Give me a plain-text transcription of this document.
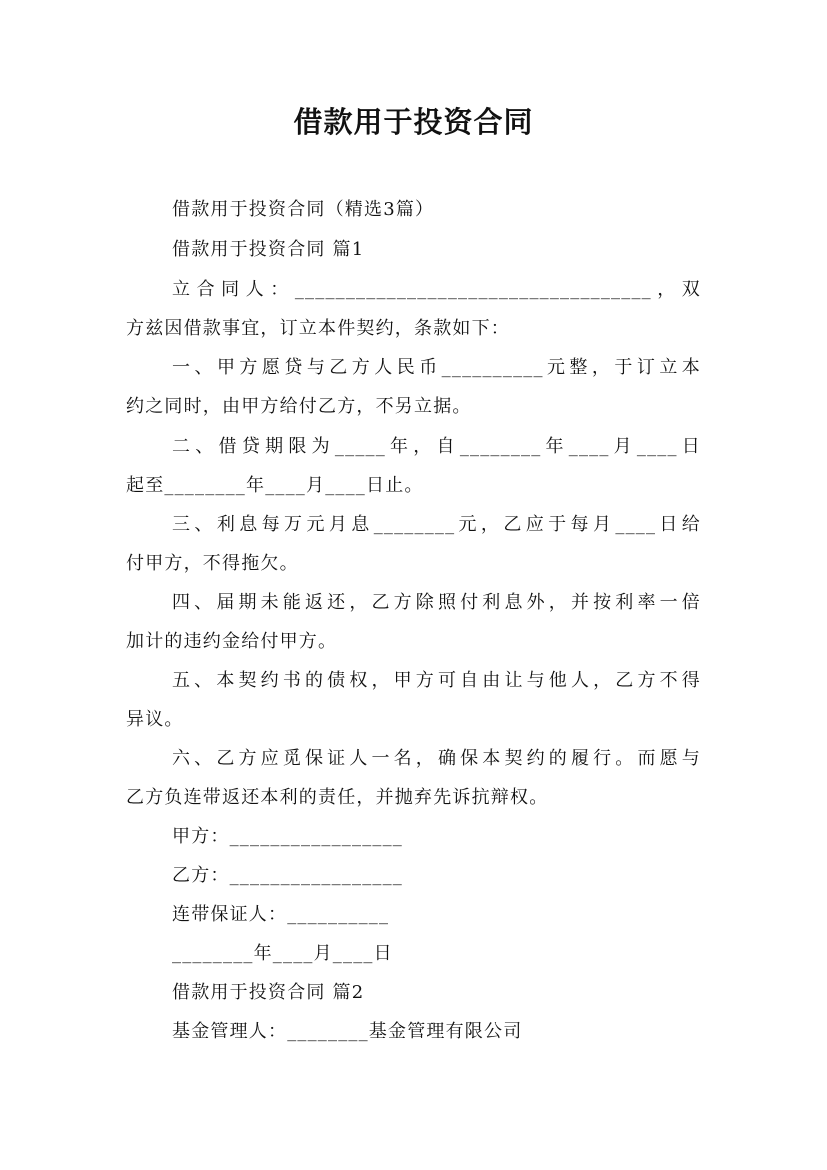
借款用于投资合同
借款用于投资合同（精选3篇）
借款用于投资合同 篇1
立合同人：___________________________________，双
方兹因借款事宜，订立本件契约，条款如下：
一、甲方愿贷与乙方人民币__________元整，于订立本
约之同时，由甲方给付乙方，不另立据。
二、借贷期限为_____年，自________年____月____日
起至________年____月____日止。
三、利息每万元月息________元，乙应于每月____日给
付甲方，不得拖欠。
四、届期未能返还，乙方除照付利息外，并按利率一倍
加计的违约金给付甲方。
五、本契约书的债权，甲方可自由让与他人，乙方不得
异议。
六、乙方应觅保证人一名，确保本契约的履行。而愿与
乙方负连带返还本利的责任，并抛弃先诉抗辩权。
甲方：_________________
乙方：_________________
连带保证人：__________
________年____月____日
借款用于投资合同 篇2
基金管理人：________基金管理有限公司
